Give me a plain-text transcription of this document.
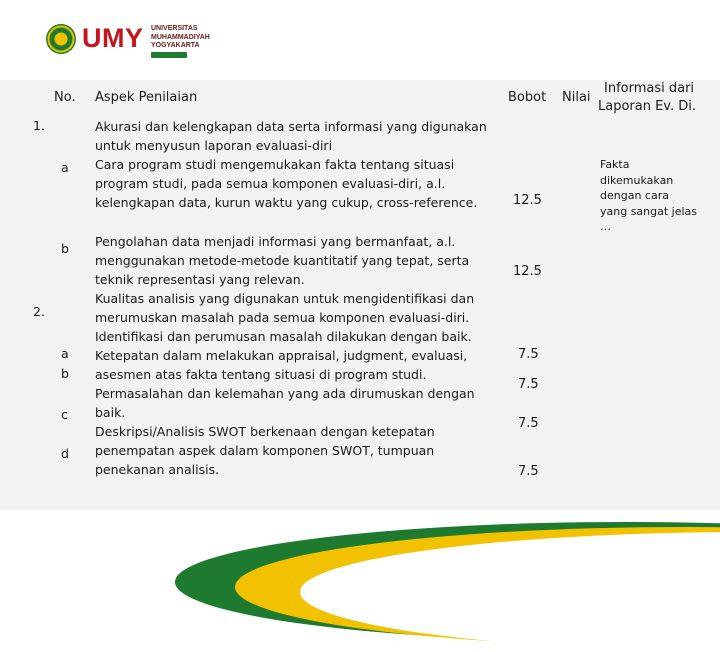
UMY UNIVERSITAS
MUHAMMADIYAH
YOGYAKARTA
No. Aspek Penilaian	Bobot Nilai
Informasi dari
Laporan Ev. Di.
1.
a
b
2.
a
b
c
d
Akurasi dan kelengkapan data serta informasi yang digunakan
untuk menyusun laporan evaluasi-diri
Cara program studi mengemukakan fakta tentang situasi
program studi, pada semua komponen evaluasi-diri, a.l.
kelengkapan data, kurun waktu yang cukup, cross-reference.
Pengolahan data menjadi informasi yang bermanfaat, a.l.
menggunakan metode-metode kuantitatif yang tepat, serta
teknik representasi yang relevan.
Kualitas analisis yang digunakan untuk mengidentifikasi dan
merumuskan masalah pada semua komponen evaluasi-diri.
Identifikasi dan perumusan masalah dilakukan dengan baik.
Ketepatan dalam melakukan appraisal, judgment, evaluasi,
asesmen atas fakta tentang situasi di program studi.
Permasalahan dan kelemahan yang ada dirumuskan dengan
baik.
Deskripsi/Analisis SWOT berkenaan dengan ketepatan
penempatan aspek dalam komponen SWOT, tumpuan
penekanan analisis.
12.5
12.5
7.5
7.5
7.5
7.5
Fakta
dikemukakan
dengan cara
yang sangat jelas
…
